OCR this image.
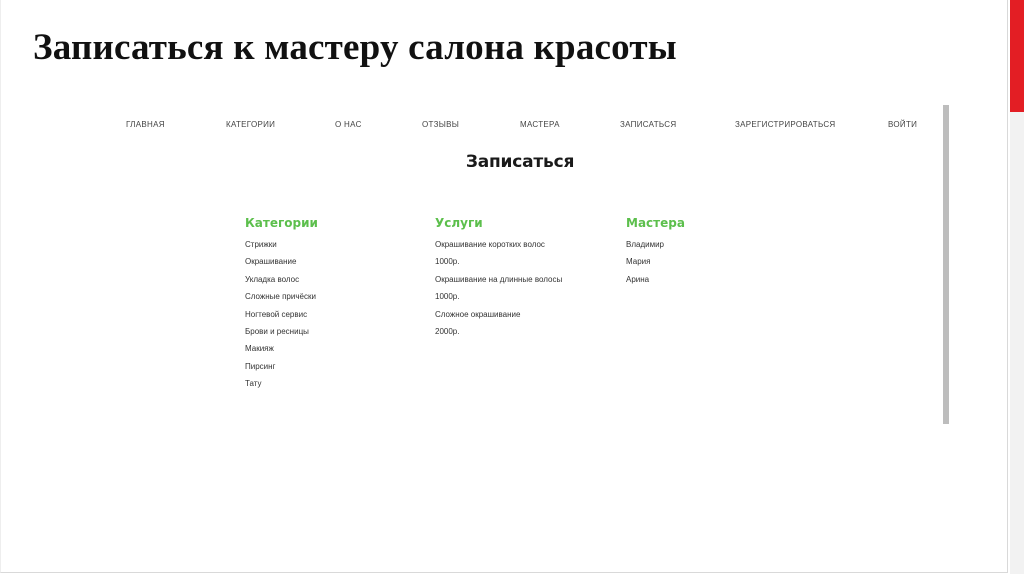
Записаться к мастеру салона красоты
ГЛАВНАЯ	КАТЕГОРИИ	О НАС	ОТЗЫВЫ	МАСТЕРА	ЗАПИСАТЬСЯ	ЗАРЕГИСТРИРОВАТЬСЯ	ВОЙТИ
Записаться
Категории
Стрижки
Окрашивание
Укладка волос
Сложные причёски
Ногтевой сервис
Брови и ресницы
Макияж
Пирсинг
Тату
Услуги
Окрашивание коротких волос
1000р.
Окрашивание на длинные волосы
1000р.
Сложное окрашивание
2000р.
Мастера
Владимир
Мария
Арина
